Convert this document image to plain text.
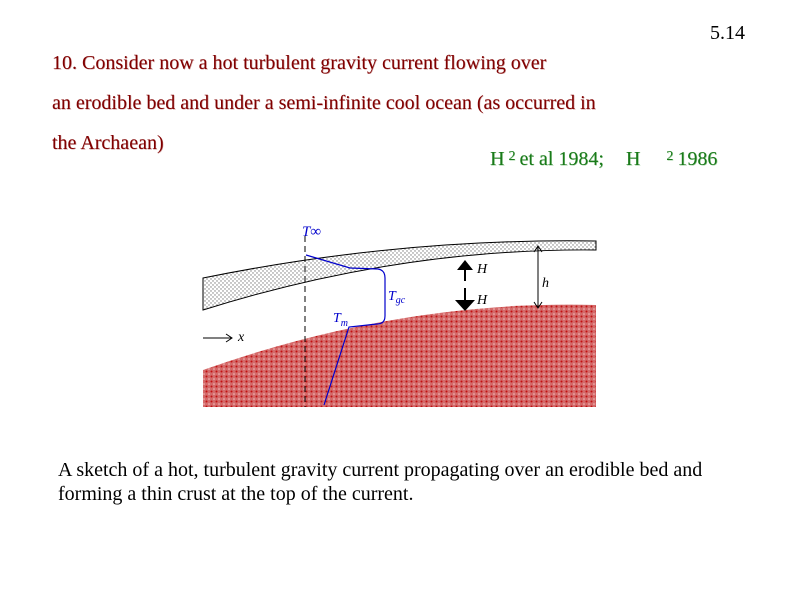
5.14
10. Consider now a hot turbulent gravity current flowing over
an erodible bed and under a semi-infinite cool ocean (as occurred in
the Archaean)
H $^2$ et al 1984; H $^2$ 1986
T∞
$T_{gc}$
$T_m$
H
H
h
x
A sketch of a hot, turbulent gravity current propagating over an erodible bed and forming a thin crust at the top of the current.
